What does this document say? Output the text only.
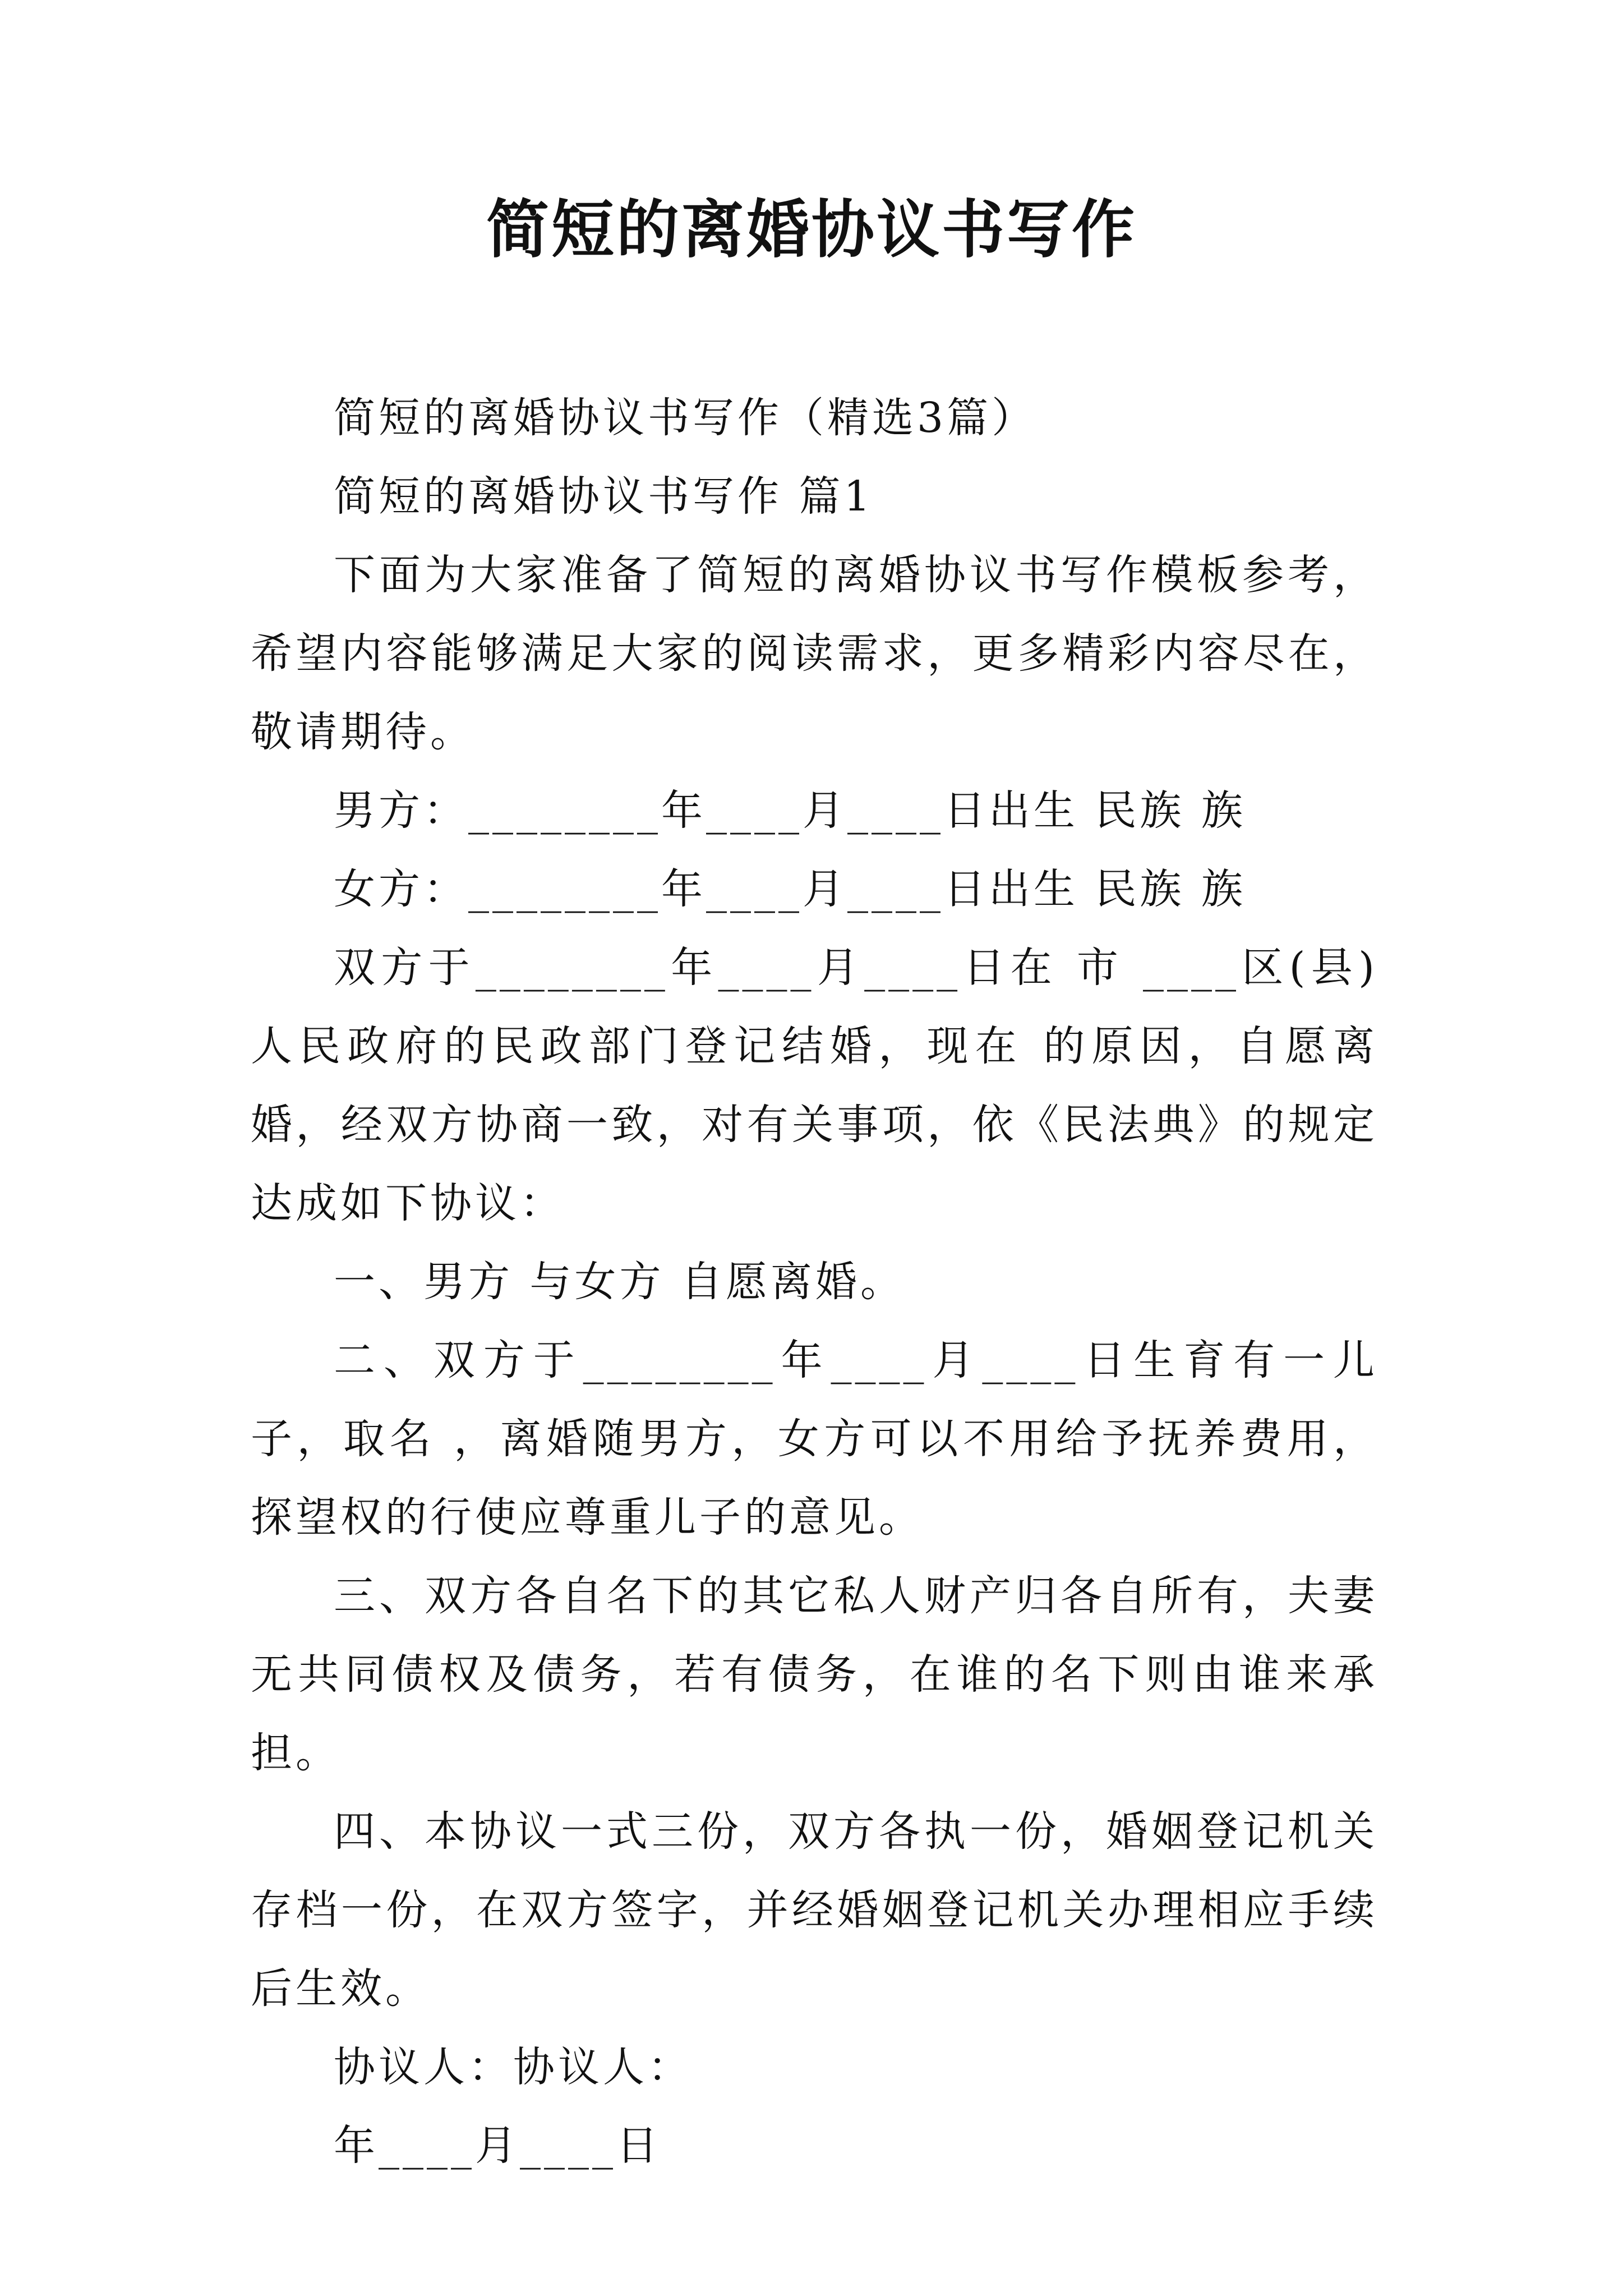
简短的离婚协议书写作

简短的离婚协议书写作（精选3篇）

简短的离婚协议书写作 篇1

下面为大家准备了简短的离婚协议书写作模板参考，希望内容能够满足大家的阅读需求，更多精彩内容尽在，敬请期待。

男方：________年____月____日出生 民族 族

女方：________年____月____日出生 民族 族

双方于________年____月____日在 市 ____区(县)人民政府的民政部门登记结婚，现在 的原因，自愿离婚，经双方协商一致，对有关事项，依《民法典》的规定达成如下协议：

一、男方 与女方 自愿离婚。

二、双方于________年____月____日生育有一儿子，取名 ，离婚随男方，女方可以不用给予抚养费用，探望权的行使应尊重儿子的意见。

三、双方各自名下的其它私人财产归各自所有，夫妻无共同债权及债务，若有债务，在谁的名下则由谁来承担。

四、本协议一式三份，双方各执一份，婚姻登记机关存档一份，在双方签字，并经婚姻登记机关办理相应手续后生效。

协议人：协议人：

年____月____日
